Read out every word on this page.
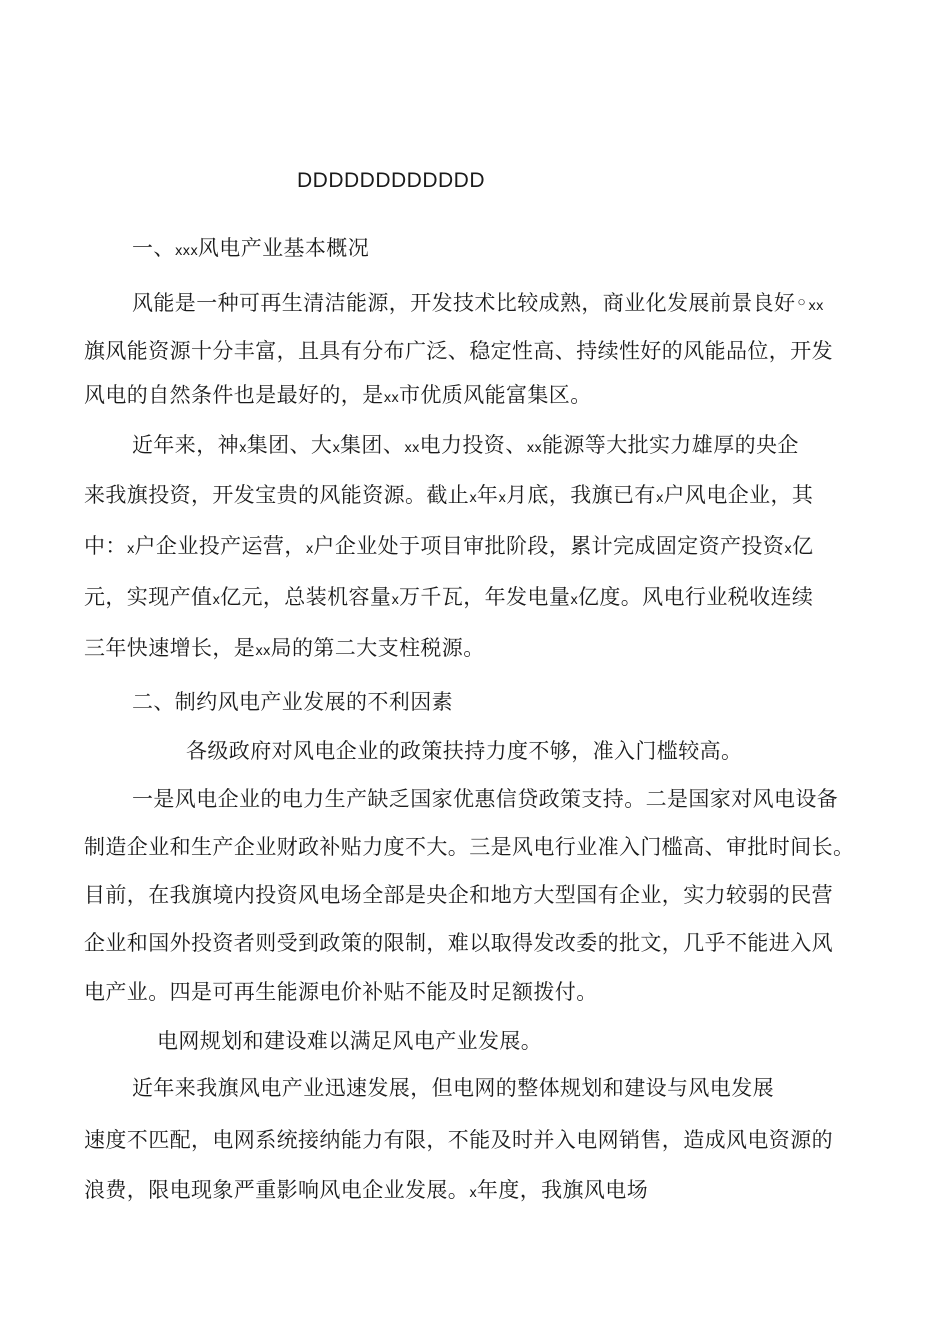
DDDDDDDDDDDD
一、xxx风电产业基本概况
风能是一种可再生清洁能源，开发技术比较成熟，商业化发展前景良好◦xx
旗风能资源十分丰富，且具有分布广泛、稳定性高、持续性好的风能品位，开发
风电的自然条件也是最好的，是xx市优质风能富集区。
近年来，神x集团、大x集团、xx电力投资、xx能源等大批实力雄厚的央企
来我旗投资，开发宝贵的风能资源。截止x年x月底，我旗已有x户风电企业，其
中：x户企业投产运营，x户企业处于项目审批阶段，累计完成固定资产投资x亿
元，实现产值x亿元，总装机容量x万千瓦，年发电量x亿度。风电行业税收连续
三年快速增长，是xx局的第二大支柱税源。
二、制约风电产业发展的不利因素
各级政府对风电企业的政策扶持力度不够，准入门槛较高。
一是风电企业的电力生产缺乏国家优惠信贷政策支持。二是国家对风电设备
制造企业和生产企业财政补贴力度不大。三是风电行业准入门槛高、审批时间长。
目前，在我旗境内投资风电场全部是央企和地方大型国有企业，实力较弱的民营
企业和国外投资者则受到政策的限制，难以取得发改委的批文，几乎不能进入风
电产业。四是可再生能源电价补贴不能及时足额拨付。
电网规划和建设难以满足风电产业发展。
近年来我旗风电产业迅速发展，但电网的整体规划和建设与风电发展
速度不匹配，电网系统接纳能力有限，不能及时并入电网销售，造成风电资源的
浪费，限电现象严重影响风电企业发展。x年度，我旗风电场
